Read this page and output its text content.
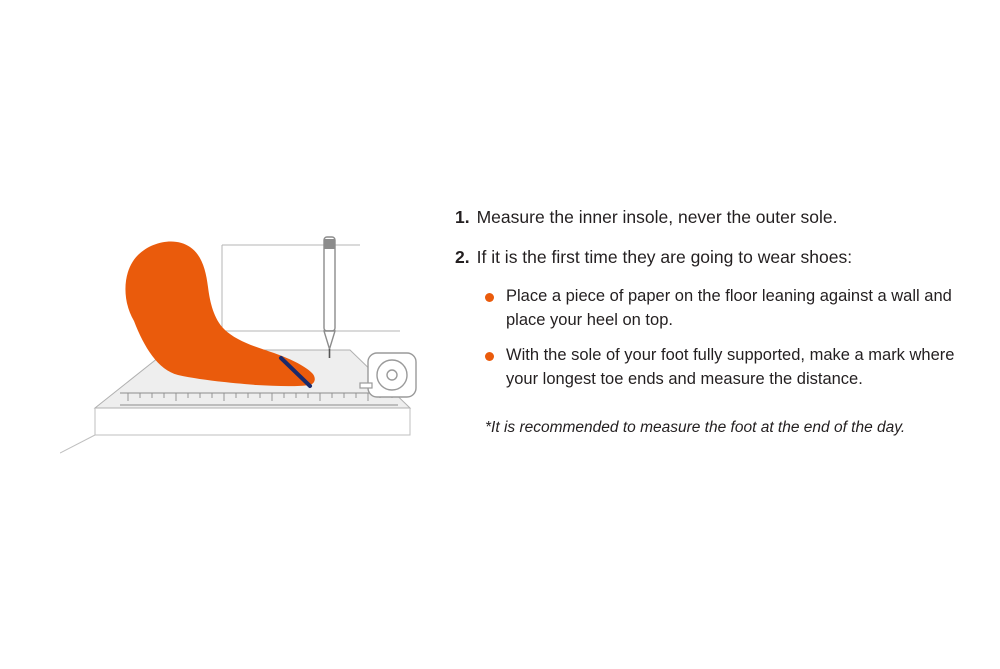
1. Measure the inner insole, never the outer sole.
2. If it is the first time they are going to wear shoes:
Place a piece of paper on the floor leaning against a wall and place your heel on top.
With the sole of your foot fully supported, make a mark where your longest toe ends and measure the distance.
*It is recommended to measure the foot at the end of the day.
